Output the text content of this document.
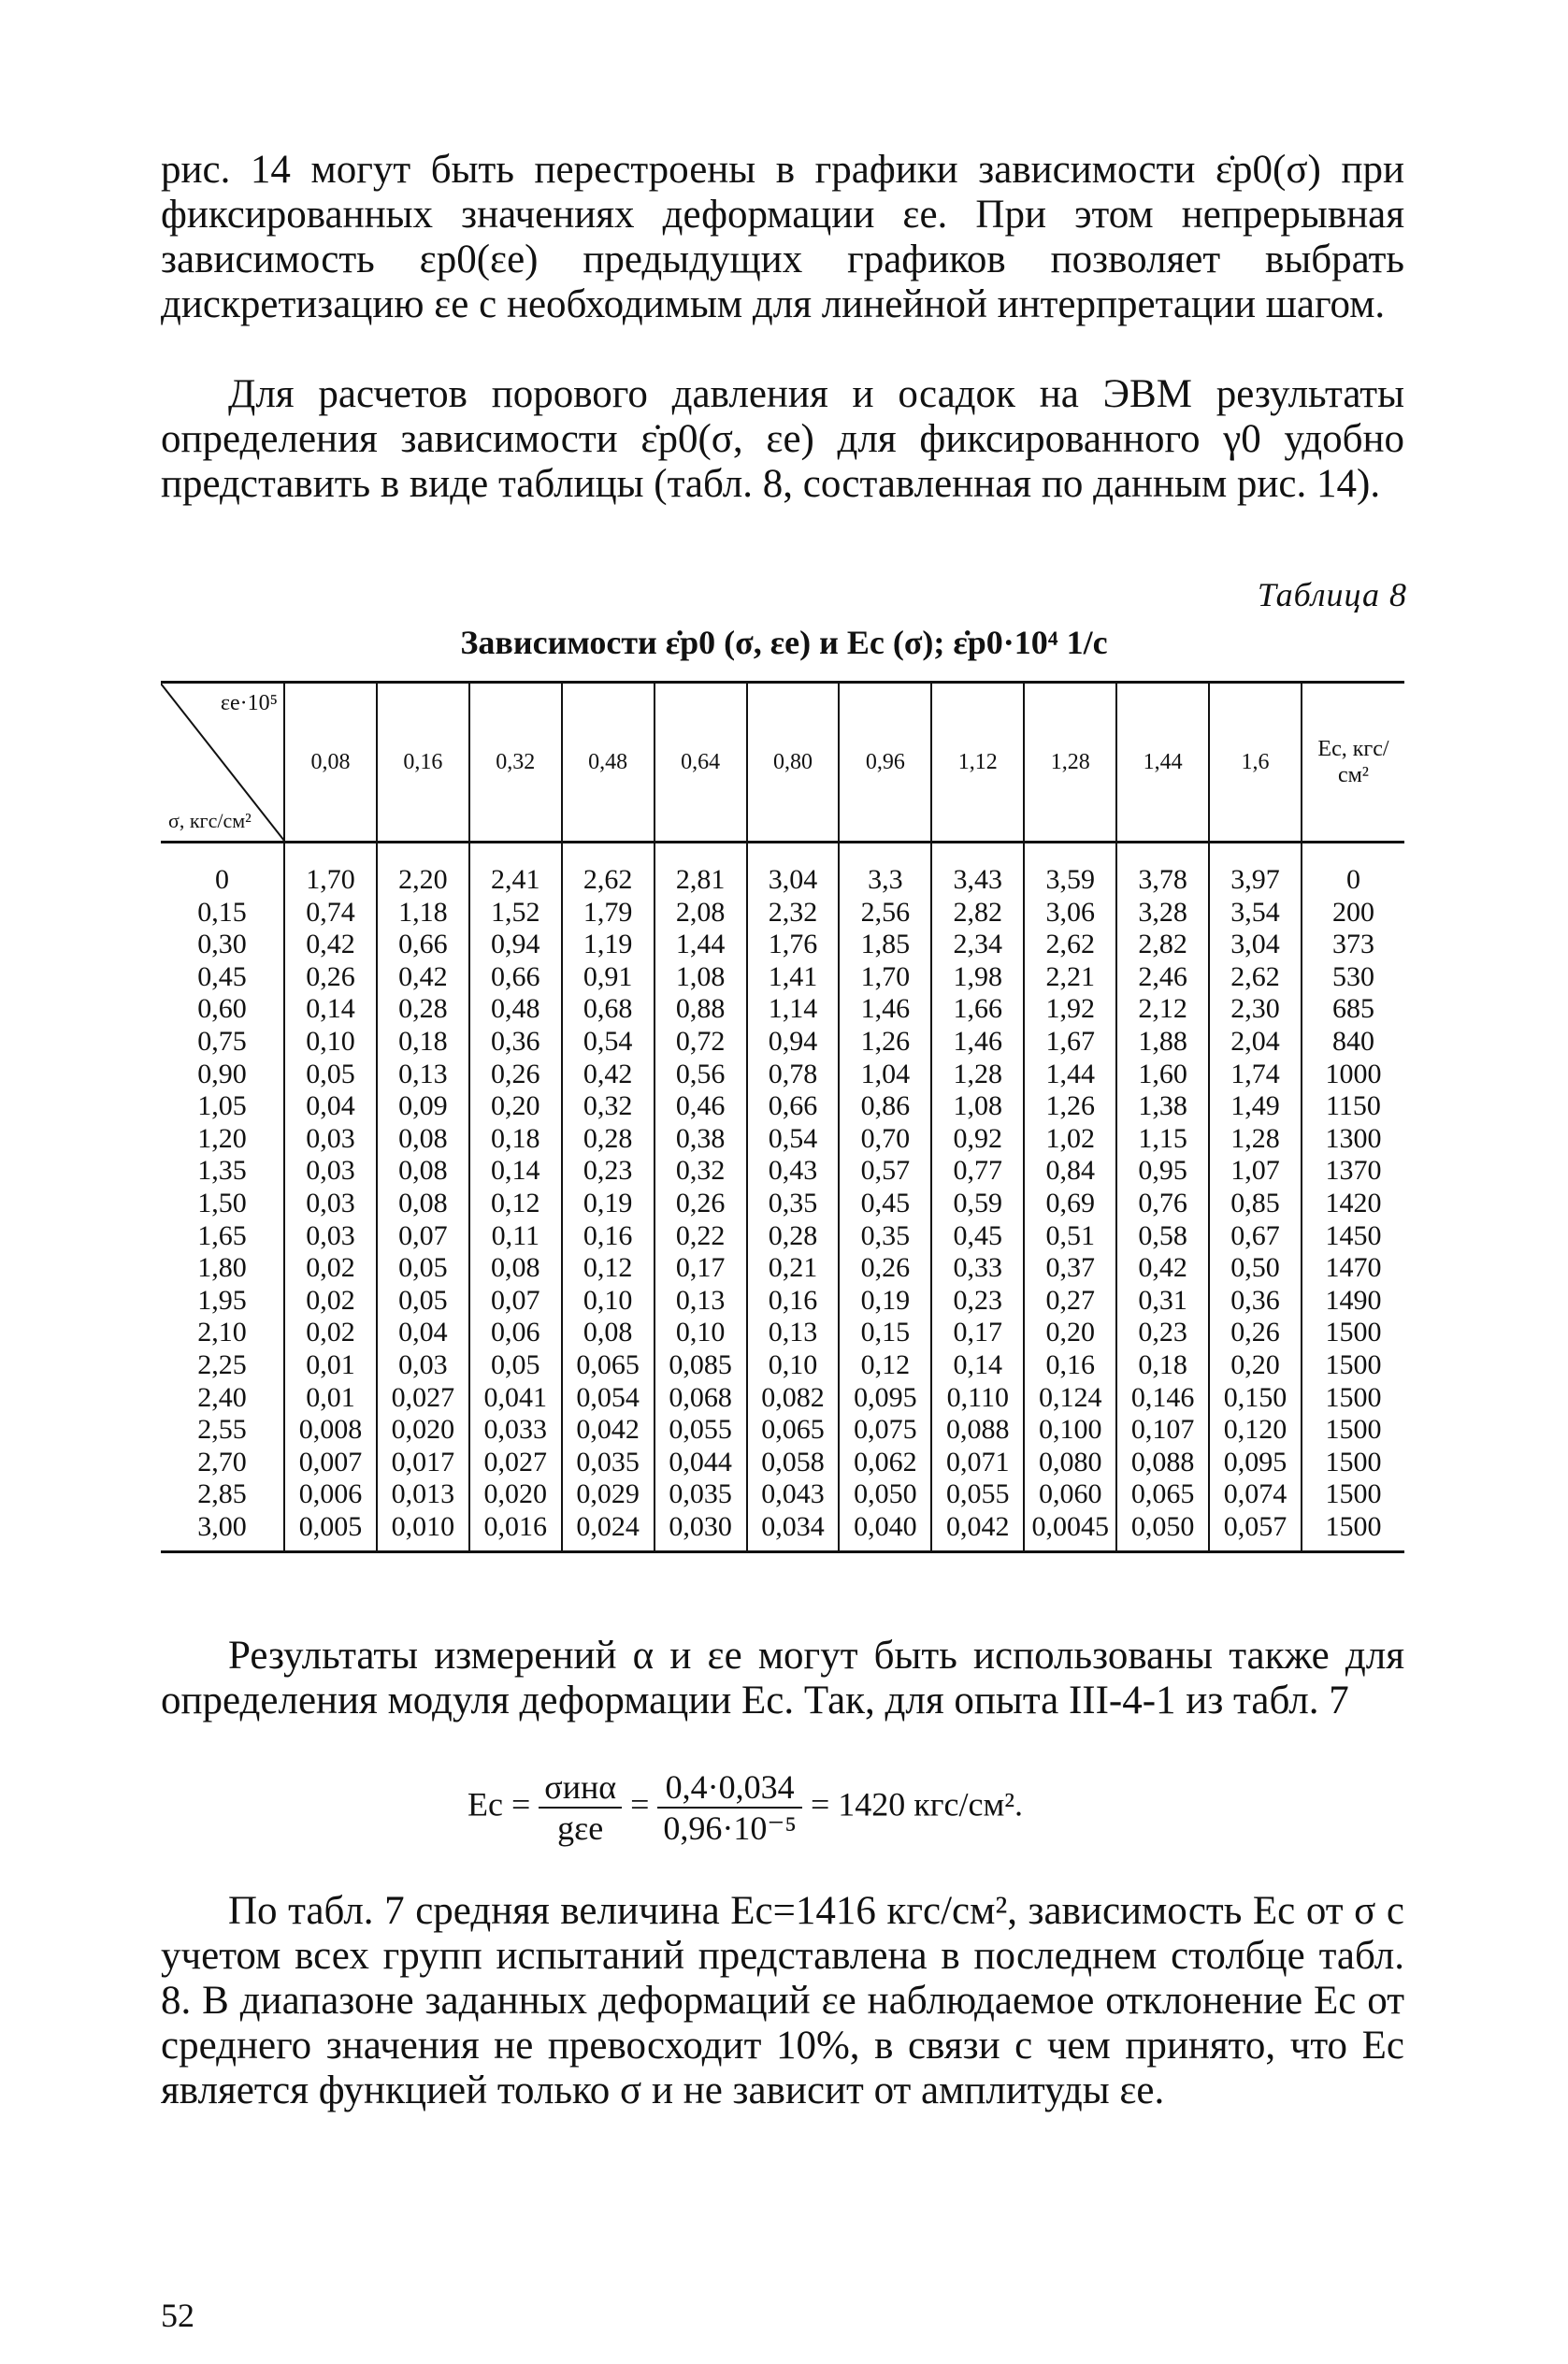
рис. 14 могут быть перестроены в графики зависимости ε̇p0(σ) при фиксированных значениях деформации εe. При этом непрерывная зависимость εp0(εe) предыдущих графиков позволяет выбрать дискретизацию εe с необходимым для линейной интерпретации шагом.
Для расчетов порового давления и осадок на ЭВМ результаты определения зависимости ε̇p0(σ, εe) для фиксированного γ0 удобно представить в виде таблицы (табл. 8, составленная по данным рис. 14).
Таблица 8
Зависимости ε̇p0 (σ, εe) и Eс (σ); ε̇p0·10⁴ 1/с
εe·10⁵
σ, кгс/см²	0,08	0,16	0,32	0,48	0,64	0,80	0,96	1,12	1,28	1,44	1,6	Eс, кгс/см²
0	1,70	2,20	2,41	2,62	2,81	3,04	3,3	3,43	3,59	3,78	3,97	0
0,15	0,74	1,18	1,52	1,79	2,08	2,32	2,56	2,82	3,06	3,28	3,54	200
0,30	0,42	0,66	0,94	1,19	1,44	1,76	1,85	2,34	2,62	2,82	3,04	373
0,45	0,26	0,42	0,66	0,91	1,08	1,41	1,70	1,98	2,21	2,46	2,62	530
0,60	0,14	0,28	0,48	0,68	0,88	1,14	1,46	1,66	1,92	2,12	2,30	685
0,75	0,10	0,18	0,36	0,54	0,72	0,94	1,26	1,46	1,67	1,88	2,04	840
0,90	0,05	0,13	0,26	0,42	0,56	0,78	1,04	1,28	1,44	1,60	1,74	1000
1,05	0,04	0,09	0,20	0,32	0,46	0,66	0,86	1,08	1,26	1,38	1,49	1150
1,20	0,03	0,08	0,18	0,28	0,38	0,54	0,70	0,92	1,02	1,15	1,28	1300
1,35	0,03	0,08	0,14	0,23	0,32	0,43	0,57	0,77	0,84	0,95	1,07	1370
1,50	0,03	0,08	0,12	0,19	0,26	0,35	0,45	0,59	0,69	0,76	0,85	1420
1,65	0,03	0,07	0,11	0,16	0,22	0,28	0,35	0,45	0,51	0,58	0,67	1450
1,80	0,02	0,05	0,08	0,12	0,17	0,21	0,26	0,33	0,37	0,42	0,50	1470
1,95	0,02	0,05	0,07	0,10	0,13	0,16	0,19	0,23	0,27	0,31	0,36	1490
2,10	0,02	0,04	0,06	0,08	0,10	0,13	0,15	0,17	0,20	0,23	0,26	1500
2,25	0,01	0,03	0,05	0,065	0,085	0,10	0,12	0,14	0,16	0,18	0,20	1500
2,40	0,01	0,027	0,041	0,054	0,068	0,082	0,095	0,110	0,124	0,146	0,150	1500
2,55	0,008	0,020	0,033	0,042	0,055	0,065	0,075	0,088	0,100	0,107	0,120	1500
2,70	0,007	0,017	0,027	0,035	0,044	0,058	0,062	0,071	0,080	0,088	0,095	1500
2,85	0,006	0,013	0,020	0,029	0,035	0,043	0,050	0,055	0,060	0,065	0,074	1500
3,00	0,005	0,010	0,016	0,024	0,030	0,034	0,040	0,042	0,0045	0,050	0,057	1500
Результаты измерений α и εe могут быть использованы также для определения модуля деформации Eс. Так, для опыта III-4-1 из табл. 7
Eс = $\frac{\text{σинα}}{\text{gεe}} = \frac{0,4\cdot 0,034}{\text{0,96·10⁻⁵}} = 1420$ кгс/см².
По табл. 7 средняя величина Eс=1416 кгс/см², зависимость Eс от σ с учетом всех групп испытаний представлена в последнем столбце табл. 8. В диапазоне заданных деформаций εe наблюдаемое отклонение Eс от среднего значения не превосходит 10%, в связи с чем принято, что Eс является функцией только σ и не зависит от амплитуды εe.
52
